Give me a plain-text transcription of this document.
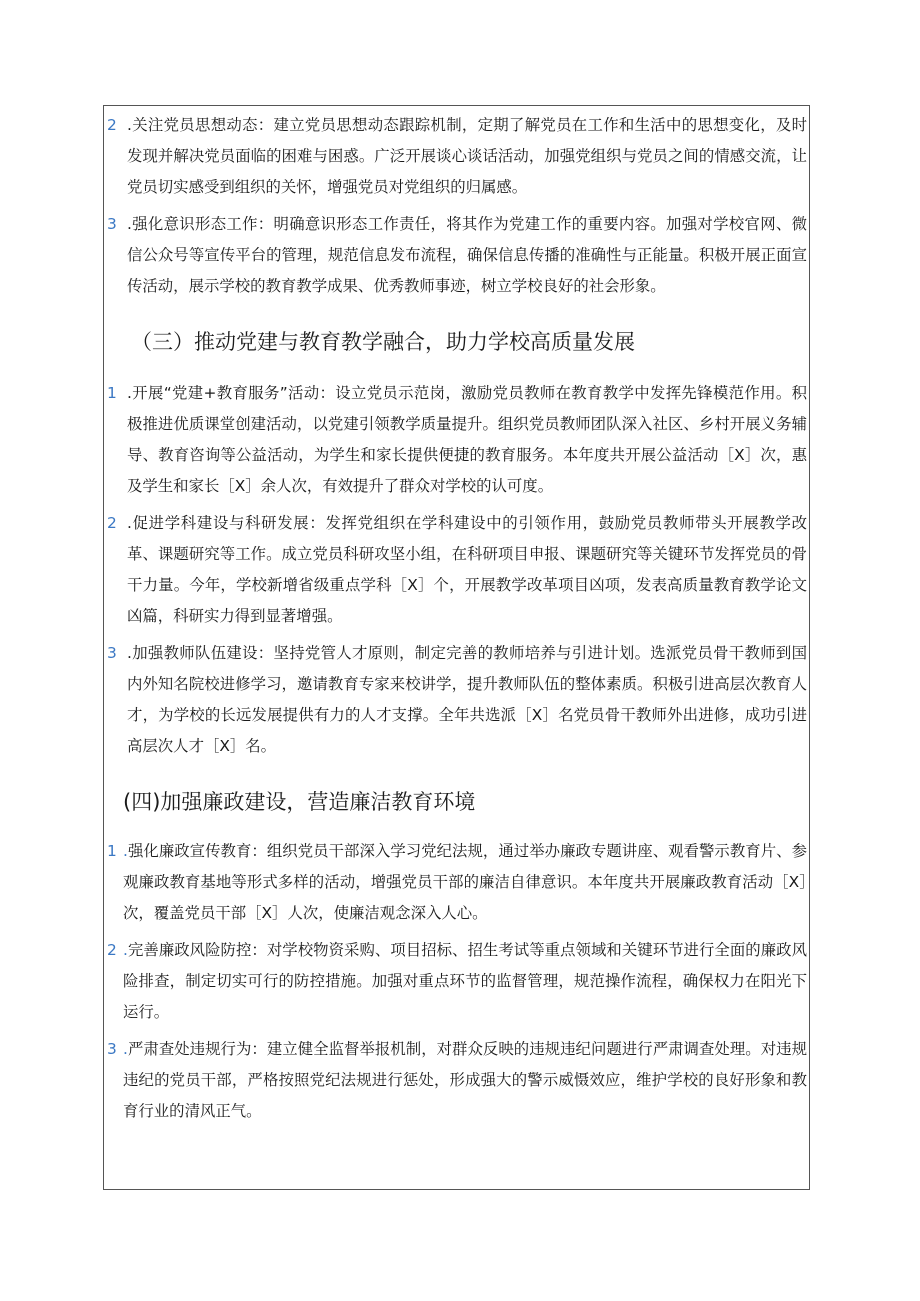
2 .关注党员思想动态：建立党员思想动态跟踪机制，定期了解党员在工作和生活中的思想变化，及时发现并解决党员面临的困难与困惑。广泛开展谈心谈话活动，加强党组织与党员之间的情感交流，让党员切实感受到组织的关怀，增强党员对党组织的归属感。
3 .强化意识形态工作：明确意识形态工作责任，将其作为党建工作的重要内容。加强对学校官网、微信公众号等宣传平台的管理，规范信息发布流程，确保信息传播的准确性与正能量。积极开展正面宣传活动，展示学校的教育教学成果、优秀教师事迹，树立学校良好的社会形象。
（三）推动党建与教育教学融合，助力学校高质量发展
1 .开展“党建+教育服务”活动：设立党员示范岗，激励党员教师在教育教学中发挥先锋模范作用。积极推进优质课堂创建活动，以党建引领教学质量提升。组织党员教师团队深入社区、乡村开展义务辅导、教育咨询等公益活动，为学生和家长提供便捷的教育服务。本年度共开展公益活动［X］次，惠及学生和家长［X］余人次，有效提升了群众对学校的认可度。
2 .促进学科建设与科研发展：发挥党组织在学科建设中的引领作用，鼓励党员教师带头开展教学改革、课题研究等工作。成立党员科研攻坚小组，在科研项目申报、课题研究等关键环节发挥党员的骨干力量。今年，学校新增省级重点学科［X］个，开展教学改革项目凶项，发表高质量教育教学论文凶篇，科研实力得到显著增强。
3 .加强教师队伍建设：坚持党管人才原则，制定完善的教师培养与引进计划。选派党员骨干教师到国内外知名院校进修学习，邀请教育专家来校讲学，提升教师队伍的整体素质。积极引进高层次教育人才，为学校的长远发展提供有力的人才支撑。全年共选派［X］名党员骨干教师外出进修，成功引进高层次人才［X］名。
(四)加强廉政建设，营造廉洁教育环境
1 .强化廉政宣传教育：组织党员干部深入学习党纪法规，通过举办廉政专题讲座、观看警示教育片、参观廉政教育基地等形式多样的活动，增强党员干部的廉洁自律意识。本年度共开展廉政教育活动［X］次，覆盖党员干部［X］人次，使廉洁观念深入人心。
2 .完善廉政风险防控：对学校物资采购、项目招标、招生考试等重点领域和关键环节进行全面的廉政风险排查，制定切实可行的防控措施。加强对重点环节的监督管理，规范操作流程，确保权力在阳光下运行。
3 .严肃查处违规行为：建立健全监督举报机制，对群众反映的违规违纪问题进行严肃调查处理。对违规违纪的党员干部，严格按照党纪法规进行惩处，形成强大的警示威慑效应，维护学校的良好形象和教育行业的清风正气。
